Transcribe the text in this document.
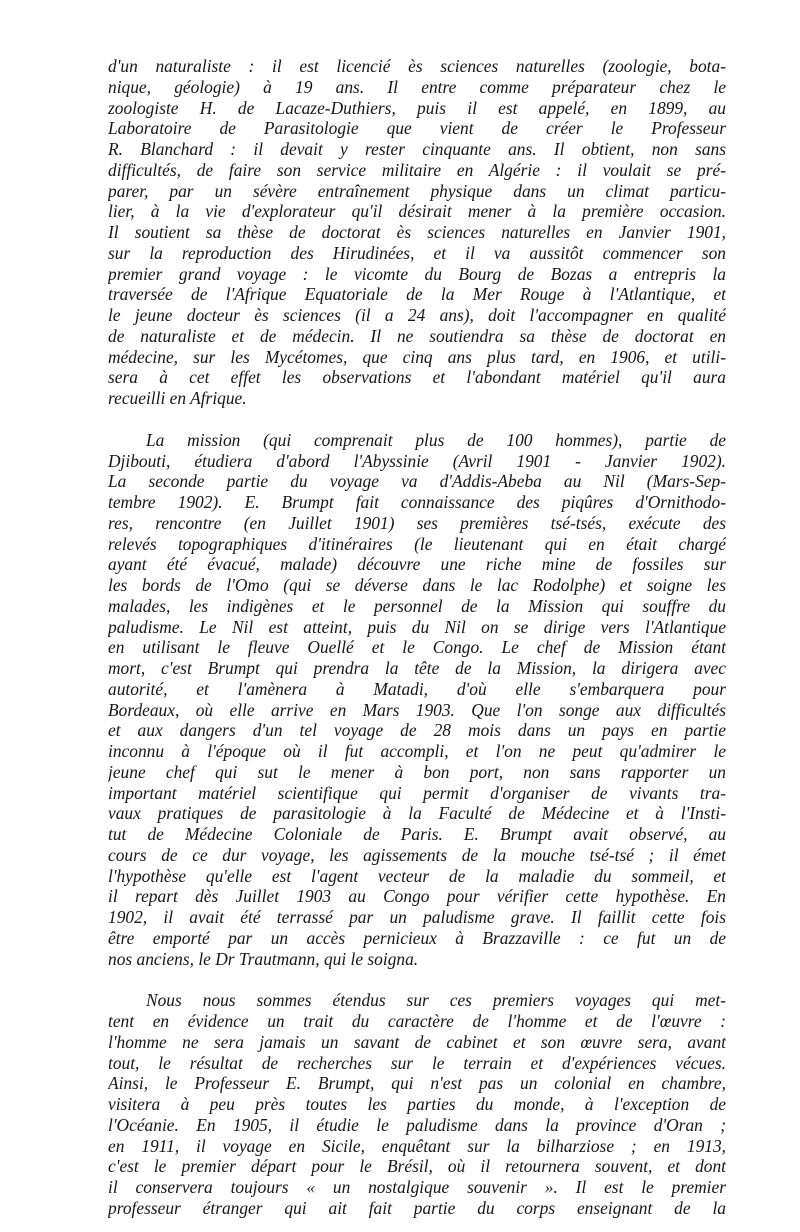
d'un naturaliste : il est licencié ès sciences naturelles (zoologie, bota-
nique, géologie) à 19 ans. Il entre comme préparateur chez le
zoologiste H. de Lacaze-Duthiers, puis il est appelé, en 1899, au
Laboratoire de Parasitologie que vient de créer le Professeur
R. Blanchard : il devait y rester cinquante ans. Il obtient, non sans
difficultés, de faire son service militaire en Algérie : il voulait se pré-
parer, par un sévère entraînement physique dans un climat particu-
lier, à la vie d'explorateur qu'il désirait mener à la première occasion.
Il soutient sa thèse de doctorat ès sciences naturelles en Janvier 1901,
sur la reproduction des Hirudinées, et il va aussitôt commencer son
premier grand voyage : le vicomte du Bourg de Bozas a entrepris la
traversée de l'Afrique Equatoriale de la Mer Rouge à l'Atlantique, et
le jeune docteur ès sciences (il a 24 ans), doit l'accompagner en qualité
de naturaliste et de médecin. Il ne soutiendra sa thèse de doctorat en
médecine, sur les Mycétomes, que cinq ans plus tard, en 1906, et utili-
sera à cet effet les observations et l'abondant matériel qu'il aura
recueilli en Afrique.
La mission (qui comprenait plus de 100 hommes), partie de
Djibouti, étudiera d'abord l'Abyssinie (Avril 1901 - Janvier 1902).
La seconde partie du voyage va d'Addis-Abeba au Nil (Mars-Sep-
tembre 1902). E. Brumpt fait connaissance des piqûres d'Ornithodo-
res, rencontre (en Juillet 1901) ses premières tsé-tsés, exécute des
relevés topographiques d'itinéraires (le lieutenant qui en était chargé
ayant été évacué, malade) découvre une riche mine de fossiles sur
les bords de l'Omo (qui se déverse dans le lac Rodolphe) et soigne les
malades, les indigènes et le personnel de la Mission qui souffre du
paludisme. Le Nil est atteint, puis du Nil on se dirige vers l'Atlantique
en utilisant le fleuve Ouellé et le Congo. Le chef de Mission étant
mort, c'est Brumpt qui prendra la tête de la Mission, la dirigera avec
autorité, et l'amènera à Matadi, d'où elle s'embarquera pour
Bordeaux, où elle arrive en Mars 1903. Que l'on songe aux difficultés
et aux dangers d'un tel voyage de 28 mois dans un pays en partie
inconnu à l'époque où il fut accompli, et l'on ne peut qu'admirer le
jeune chef qui sut le mener à bon port, non sans rapporter un
important matériel scientifique qui permit d'organiser de vivants tra-
vaux pratiques de parasitologie à la Faculté de Médecine et à l'Insti-
tut de Médecine Coloniale de Paris. E. Brumpt avait observé, au
cours de ce dur voyage, les agissements de la mouche tsé-tsé ; il émet
l'hypothèse qu'elle est l'agent vecteur de la maladie du sommeil, et
il repart dès Juillet 1903 au Congo pour vérifier cette hypothèse. En
1902, il avait été terrassé par un paludisme grave. Il faillit cette fois
être emporté par un accès pernicieux à Brazzaville : ce fut un de
nos anciens, le Dr Trautmann, qui le soigna.
Nous nous sommes étendus sur ces premiers voyages qui met-
tent en évidence un trait du caractère de l'homme et de l'œuvre :
l'homme ne sera jamais un savant de cabinet et son œuvre sera, avant
tout, le résultat de recherches sur le terrain et d'expériences vécues.
Ainsi, le Professeur E. Brumpt, qui n'est pas un colonial en chambre,
visitera à peu près toutes les parties du monde, à l'exception de
l'Océanie. En 1905, il étudie le paludisme dans la province d'Oran ;
en 1911, il voyage en Sicile, enquêtant sur la bilharziose ; en 1913,
c'est le premier départ pour le Brésil, où il retournera souvent, et dont
il conservera toujours « un nostalgique souvenir ». Il est le premier
professeur étranger qui ait fait partie du corps enseignant de la
